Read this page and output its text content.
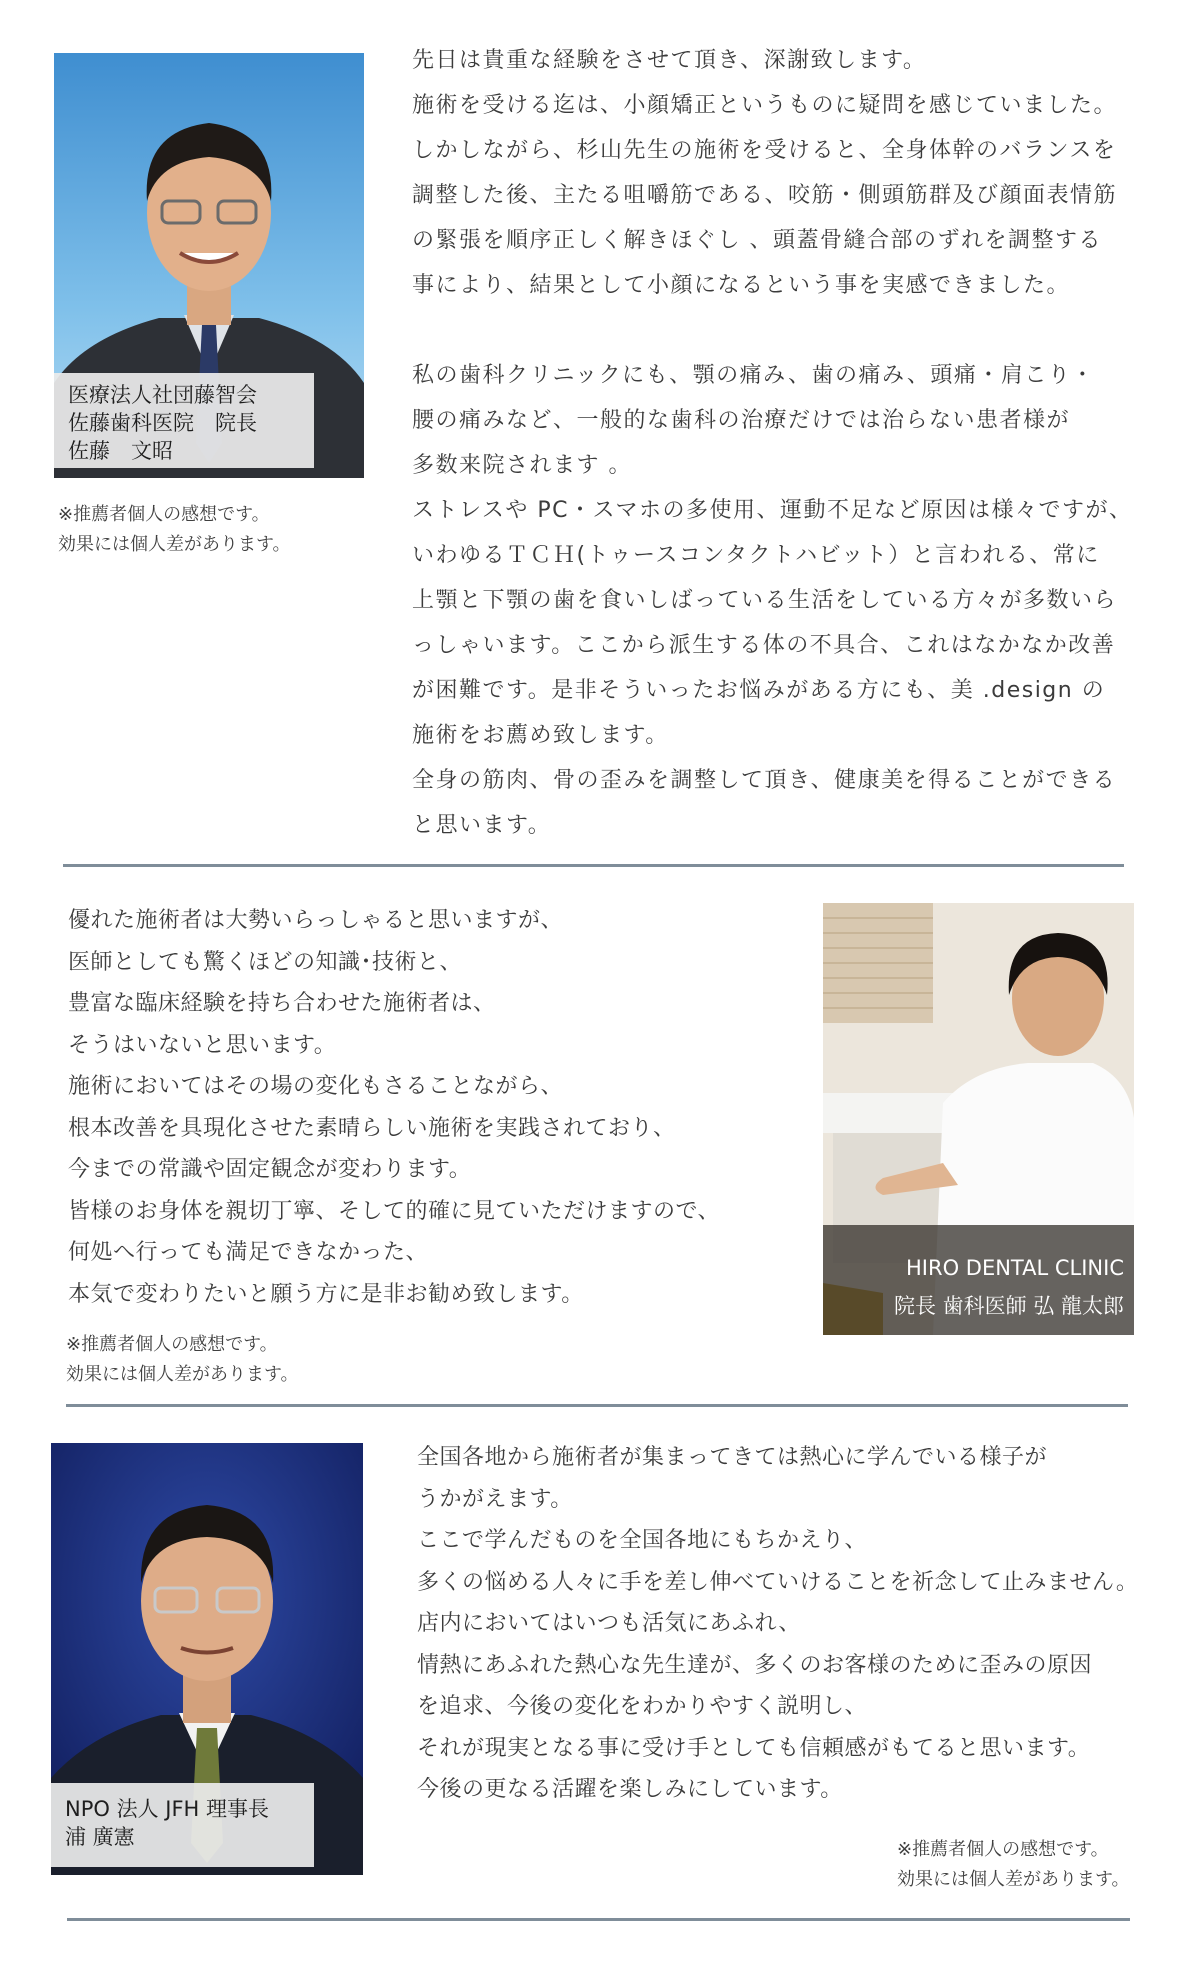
医療法人社団藤智会
佐藤歯科医院　院長
佐藤　文昭
※推薦者個人の感想です。
効果には個人差があります。
先日は貴重な経験をさせて頂き、深謝致します。
施術を受ける迄は、小顔矯正というものに疑問を感じていました。
しかしながら、杉山先生の施術を受けると、全身体幹のバランスを
調整した後、主たる咀嚼筋である、咬筋・側頭筋群及び顔面表情筋
の緊張を順序正しく解きほぐし 、頭蓋骨縫合部のずれを調整する
事により、結果として小顔になるという事を実感できました。
私の歯科クリニックにも、顎の痛み、歯の痛み、頭痛・肩こり・
腰の痛みなど、一般的な歯科の治療だけでは治らない患者様が
多数来院されます 。
ストレスや PC・スマホの多使用、運動不足など原因は様々ですが、
いわゆるＴＣＨ(トゥースコンタクトハビット）と言われる、常に
上顎と下顎の歯を食いしばっている生活をしている方々が多数いら
っしゃいます。ここから派生する体の不具合、これはなかなか改善
が困難です。是非そういったお悩みがある方にも、美 .design の
施術をお薦め致します。
全身の筋肉、骨の歪みを調整して頂き、健康美を得ることができる
と思います。
優れた施術者は大勢いらっしゃると思いますが、
医師としても驚くほどの知識･技術と、
豊富な臨床経験を持ち合わせた施術者は、
そうはいないと思います。
施術においてはその場の変化もさることながら、
根本改善を具現化させた素晴らしい施術を実践されており、
今までの常識や固定観念が変わります。
皆様のお身体を親切丁寧、そして的確に見ていただけますので、
何処へ行っても満足できなかった、
本気で変わりたいと願う方に是非お勧め致します。
※推薦者個人の感想です。
効果には個人差があります。
HIRO DENTAL CLINIC
院長 歯科医師 弘 龍太郎
NPO 法人 JFH 理事長
浦 廣憲
全国各地から施術者が集まってきては熱心に学んでいる様子が
うかがえます。
ここで学んだものを全国各地にもちかえり、
多くの悩める人々に手を差し伸べていけることを祈念して止みません。
店内においてはいつも活気にあふれ、
情熱にあふれた熱心な先生達が、多くのお客様のために歪みの原因
を追求、今後の変化をわかりやすく説明し、
それが現実となる事に受け手としても信頼感がもてると思います。
今後の更なる活躍を楽しみにしています。
※推薦者個人の感想です。
効果には個人差があります。
